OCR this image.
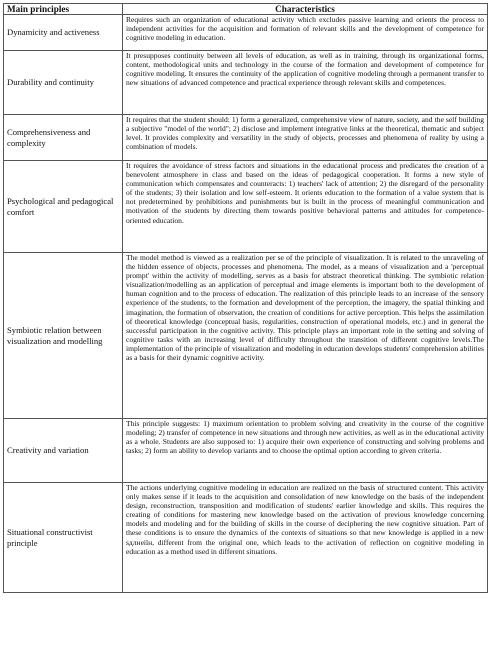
Main principles	Characteristics
Dynamicity and activeness	Requires such an organization of educational activity which excludes passive learning and orients the process to independent activities for the acquisition and formation of relevant skills and the development of competence for cognitive modeling in education.
Durability and continuity	It presupposes continuity between all levels of education, as well as in training, through its organizational forms, content, methodological units and technology in the course of the formation and development of competence for cognitive modeling. It ensures the continuity of the application of cognitive modeling through a permanent transfer to new situations of advanced competence and practical experience through relevant skills and competences.
Comprehensiveness and complexity	It requires that the student should: 1) form a generalized, comprehensive view of nature, society, and the self building a subjective "model of the world"; 2) disclose and implement integrative links at the theoretical, thematic and subject level. It provides complexity and versatility in the study of objects, processes and phenomena of reality by using a combination of models.
Psychological and pedagogical comfort	It requires the avoidance of stress factors and situations in the educational process and predicates the creation of a benevolent atmosphere in class and based on the ideas of pedagogical cooperation. It forms a new style of communication which compensates and counteracts: 1) teachers' lack of attention; 2) the disregard of the personality of the students; 3) their isolation and low self-esteem. It orients education to the formation of a value system that is not predetermined by prohibitions and punishments but is built in the process of meaningful communication and motivation of the students by directing them towards positive behavioral patterns and attitudes for competence-oriented education.
Symbiotic relation between visualization and modelling	The model method is viewed as a realization per se of the principle of visualization. It is related to the unraveling of the hidden essence of objects, processes and phenomena. The model, as a means of visualization and a 'perceptual prompt' within the activity of modelling, serves as a basis for abstract theoretical thinking. The symbiotic relation visualization/modelling as an application of perceptual and image elements is important both to the development of human cognition and to the process of education. The realization of this principle leads to an increase of the sensory experience of the students, to the formation and development of the perception, the imagery, the spatial thinking and imagination, the formation of observation, the creation of conditions for active perception. This helps the assimilation of theoretical knowledge (conceptual basis, regularities, construction of operational models, etc.) and in general the successful participation in the cognitive activity. This principle plays an important role in the setting and solving of cognitive tasks with an increasing level of difficulty throughout the transition of different cognitive levels.The implementation of the principle of visualization and modeling in education develops students' comprehension abilities as a basis for their dynamic cognitive activity.
Creativity and variation	This principle suggests: 1) maximum orientation to problem solving and creativity in the course of the cognitive modeling; 2) transfer of competence in new situations and through new activities, as well as in the educational activity as a whole. Students are also supposed to: 1) acquire their own experience of constructing and solving problems and tasks; 2) form an ability to develop variants and to choose the optimal option according to given criteria.
Situational constructivist principle	The actions underlying cognitive modeling in education are realized on the basis of structured content. This activity only makes sense if it leads to the acquisition and consolidation of new knowledge on the basis of the independent design, reconstruction, transposition and modification of students' earlier knowledge and skills. This requires the creating of conditions for mastering new knowledge based on the activation of previous knowledge concerning models and modeling and for the building of skills in the course of deciphering the new cognitive situation. Part of these conditions is to ensure the dynamics of the contexts of situations so that new knowledge is applied in a new ѕдлнеіїн, different from the original one, which leads to the activation of reflection on cognitive modeling in education as a method used in different situations.
